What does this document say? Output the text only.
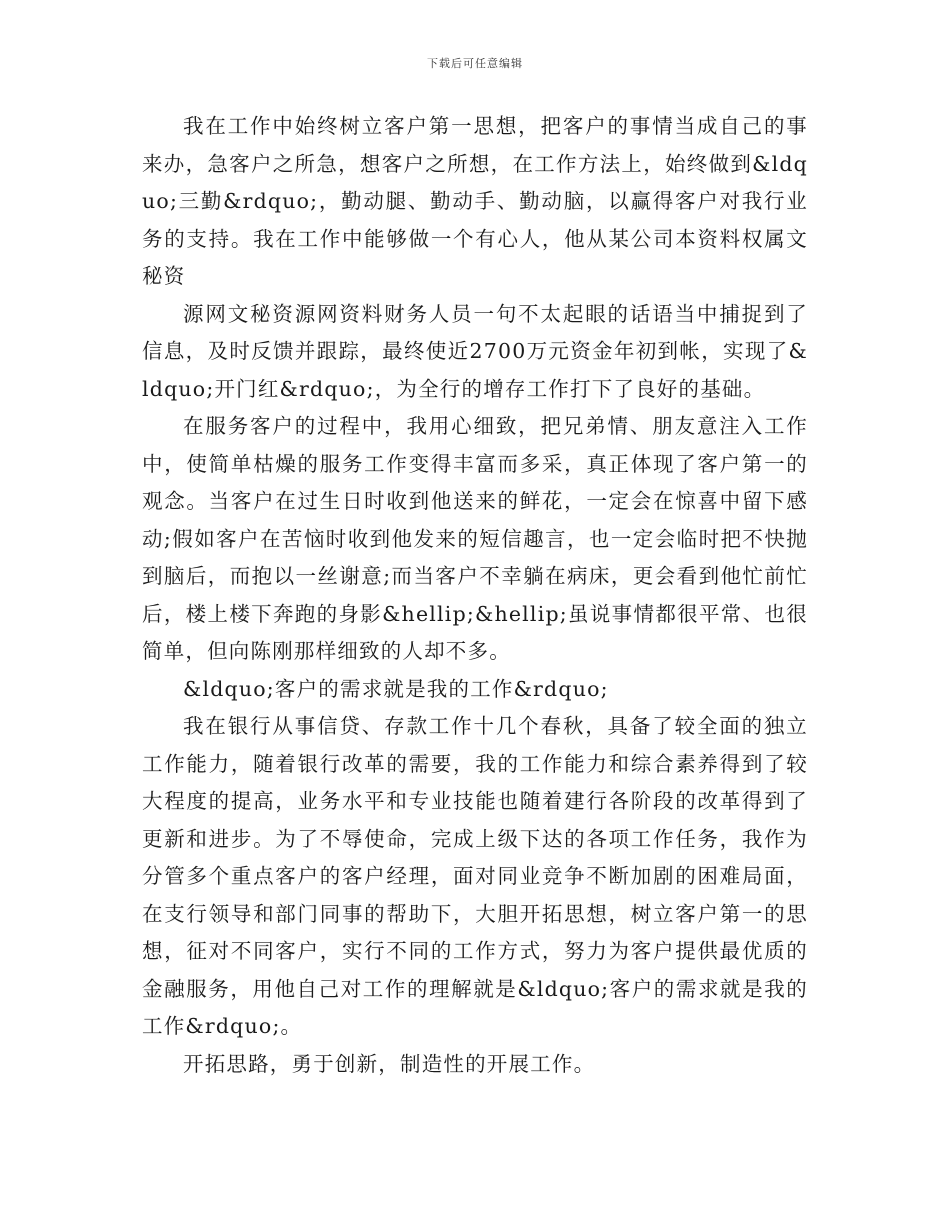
下载后可任意编辑

我在工作中始终树立客户第一思想，把客户的事情当成自己的事来办，急客户之所急，想客户之所想，在工作方法上，始终做到&ldquo;三勤&rdquo;，勤动腿、勤动手、勤动脑，以赢得客户对我行业务的支持。我在工作中能够做一个有心人，他从某公司本资料权属文秘资

源网文秘资源网资料财务人员一句不太起眼的话语当中捕捉到了信息，及时反馈并跟踪，最终使近2700万元资金年初到帐，实现了&ldquo;开门红&rdquo;，为全行的增存工作打下了良好的基础。

在服务客户的过程中，我用心细致，把兄弟情、朋友意注入工作中，使简单枯燥的服务工作变得丰富而多采，真正体现了客户第一的观念。当客户在过生日时收到他送来的鲜花，一定会在惊喜中留下感动;假如客户在苦恼时收到他发来的短信趣言，也一定会临时把不快抛到脑后，而抱以一丝谢意;而当客户不幸躺在病床，更会看到他忙前忙后，楼上楼下奔跑的身影&hellip;&hellip;虽说事情都很平常、也很简单，但向陈刚那样细致的人却不多。

&ldquo;客户的需求就是我的工作&rdquo;

我在银行从事信贷、存款工作十几个春秋，具备了较全面的独立工作能力，随着银行改革的需要，我的工作能力和综合素养得到了较大程度的提高，业务水平和专业技能也随着建行各阶段的改革得到了更新和进步。为了不辱使命，完成上级下达的各项工作任务，我作为分管多个重点客户的客户经理，面对同业竞争不断加剧的困难局面，在支行领导和部门同事的帮助下，大胆开拓思想，树立客户第一的思想，征对不同客户，实行不同的工作方式，努力为客户提供最优质的金融服务，用他自己对工作的理解就是&ldquo;客户的需求就是我的工作&rdquo;。

开拓思路，勇于创新，制造性的开展工作。
